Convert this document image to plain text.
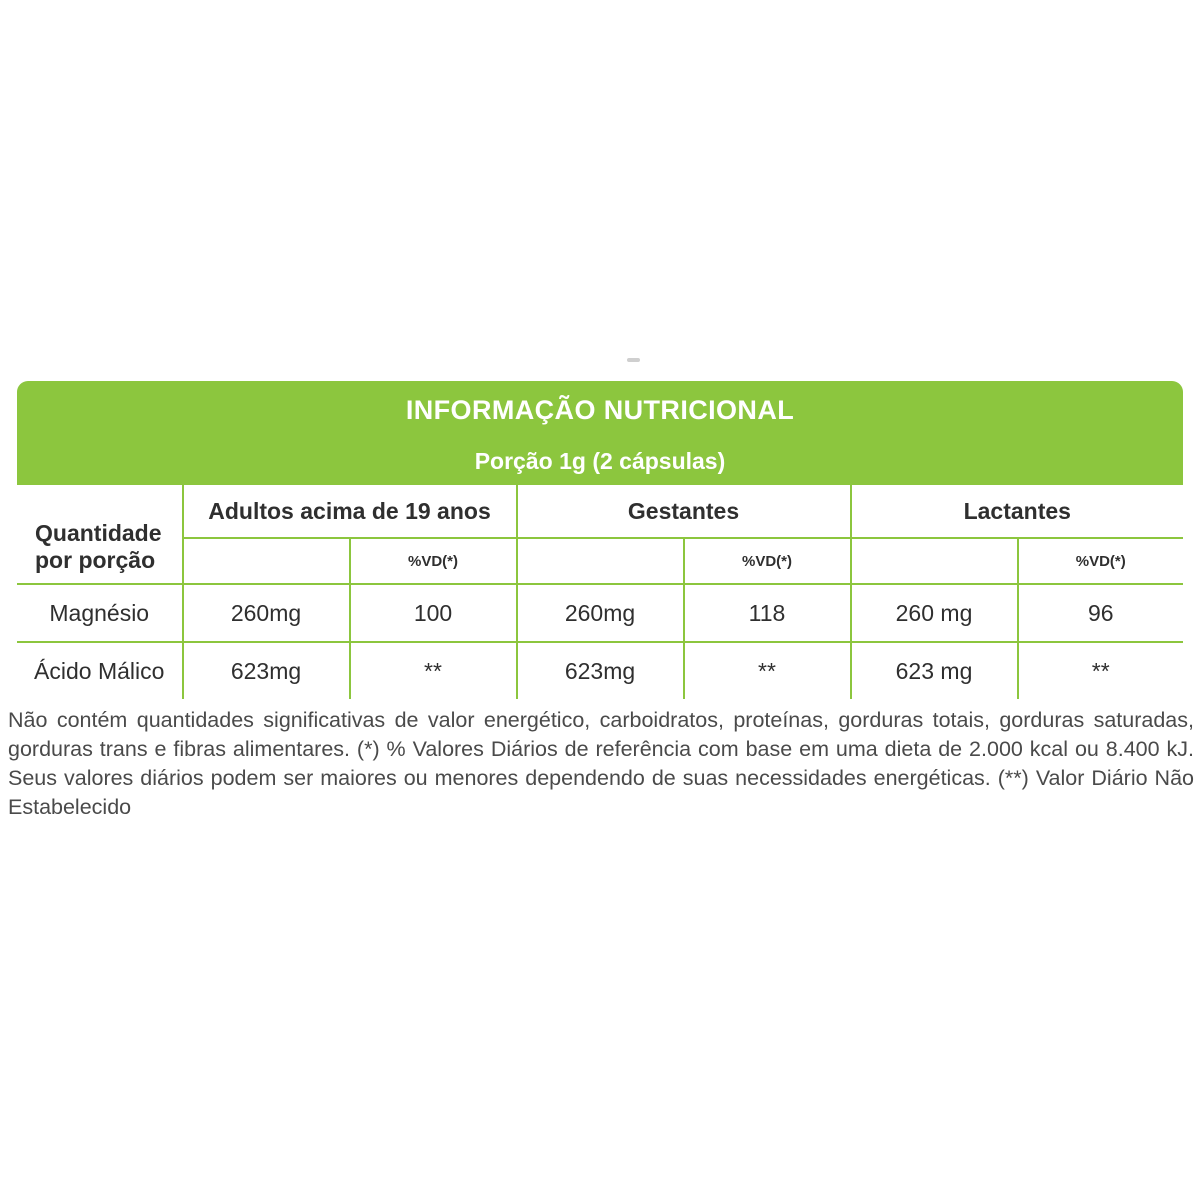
INFORMAÇÃO NUTRICIONAL						
Porção 1g (2 cápsulas)						

Quantidade por porção	Adultos acima de 19 anos		Gestantes		Lactantes	
		%VD(*)		%VD(*)		%VD(*)
Magnésio	260mg	100	260mg	118	260 mg	96
Ácido Málico	623mg	**	623mg	**	623 mg	**
Não contém quantidades significativas de valor energético, carboidratos, proteínas, gorduras totais, gorduras saturadas, gorduras trans e fibras alimentares. (*) % Valores Diários de referência com base em uma dieta de 2.000 kcal ou 8.400 kJ. Seus valores diários podem ser maiores ou menores dependendo de suas necessidades energéticas. (**) Valor Diário Não Estabelecido
